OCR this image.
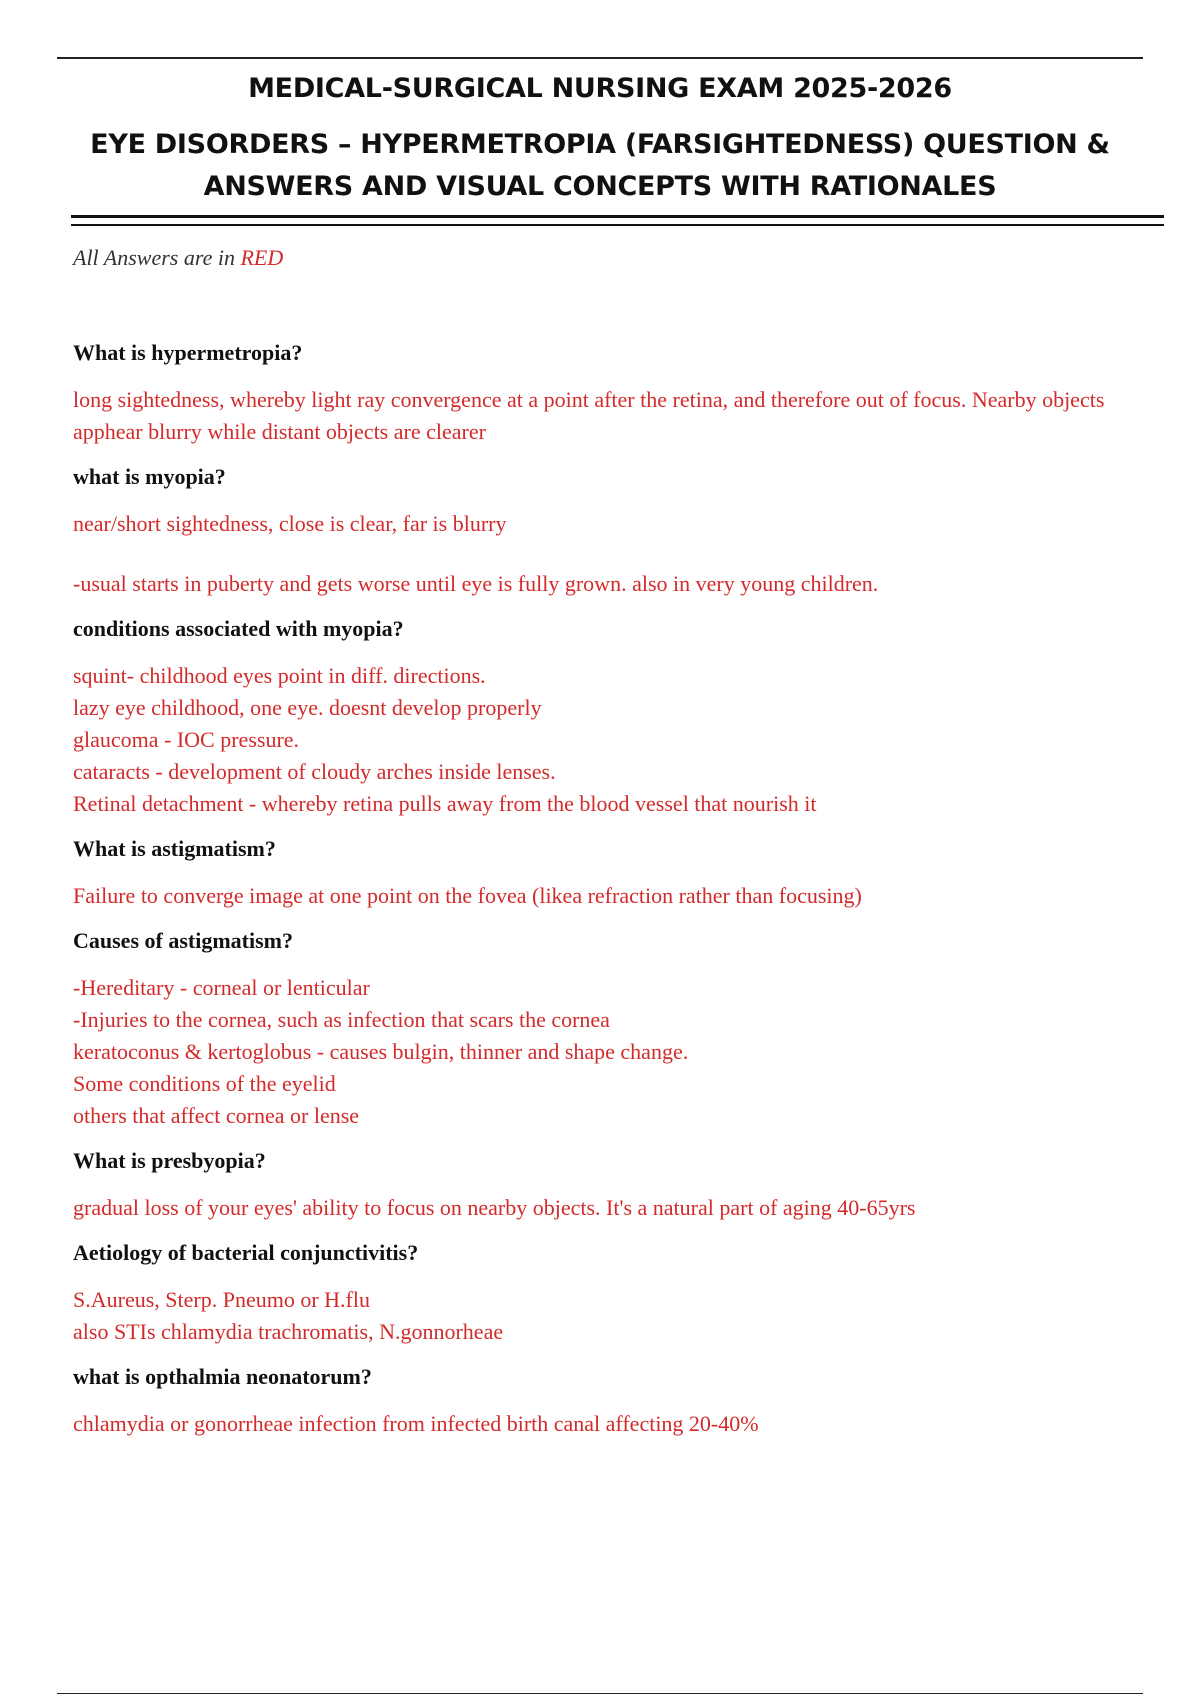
MEDICAL-SURGICAL NURSING EXAM 2025-2026
EYE DISORDERS – HYPERMETROPIA (FARSIGHTEDNESS) QUESTION &
ANSWERS AND VISUAL CONCEPTS WITH RATIONALES
All Answers are in RED

What is hypermetropia?

long sightedness, whereby light ray convergence at a point after the retina, and therefore out of focus. Nearby objects apphear blurry while distant objects are clearer

what is myopia?

near/short sightedness, close is clear, far is blurry
-usual starts in puberty and gets worse until eye is fully grown. also in very young children.

conditions associated with myopia?

squint- childhood eyes point in diff. directions.
lazy eye childhood, one eye. doesnt develop properly
glaucoma - IOC pressure.
cataracts - development of cloudy arches inside lenses.
Retinal detachment - whereby retina pulls away from the blood vessel that nourish it

What is astigmatism?

Failure to converge image at one point on the fovea (likea refraction rather than focusing)

Causes of astigmatism?

-Hereditary - corneal or lenticular
-Injuries to the cornea, such as infection that scars the cornea
keratoconus & kertoglobus - causes bulgin, thinner and shape change.
Some conditions of the eyelid
others that affect cornea or lense

What is presbyopia?

gradual loss of your eyes' ability to focus on nearby objects. It's a natural part of aging 40-65yrs

Aetiology of bacterial conjunctivitis?

S.Aureus, Sterp. Pneumo or H.flu
also STIs chlamydia trachromatis, N.gonnorheae

what is opthalmia neonatorum?

chlamydia or gonorrheae infection from infected birth canal affecting 20-40%
